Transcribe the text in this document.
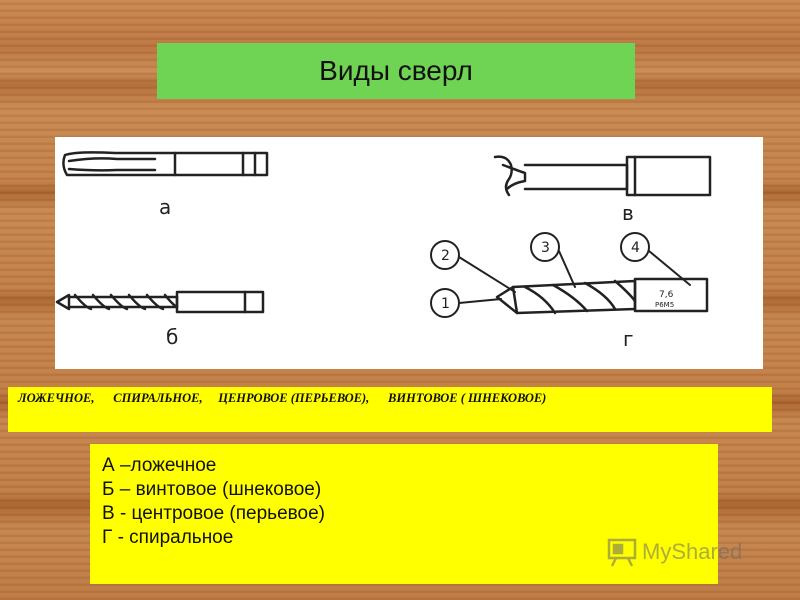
Виды сверл
2
1
3	4
7,6
Р6М5
а
б
в
г
ЛОЖЕЧНОЕ,      СПИРАЛЬНОЕ,     ЦЕНРОВОЕ (ПЕРЬЕВОЕ),      ВИНТОВОЕ ( ШНЕКОВОЕ)
А –ложечное
Б – винтовое (шнековое)
В - центровое (перьевое)
Г - спиральное
MyShared
